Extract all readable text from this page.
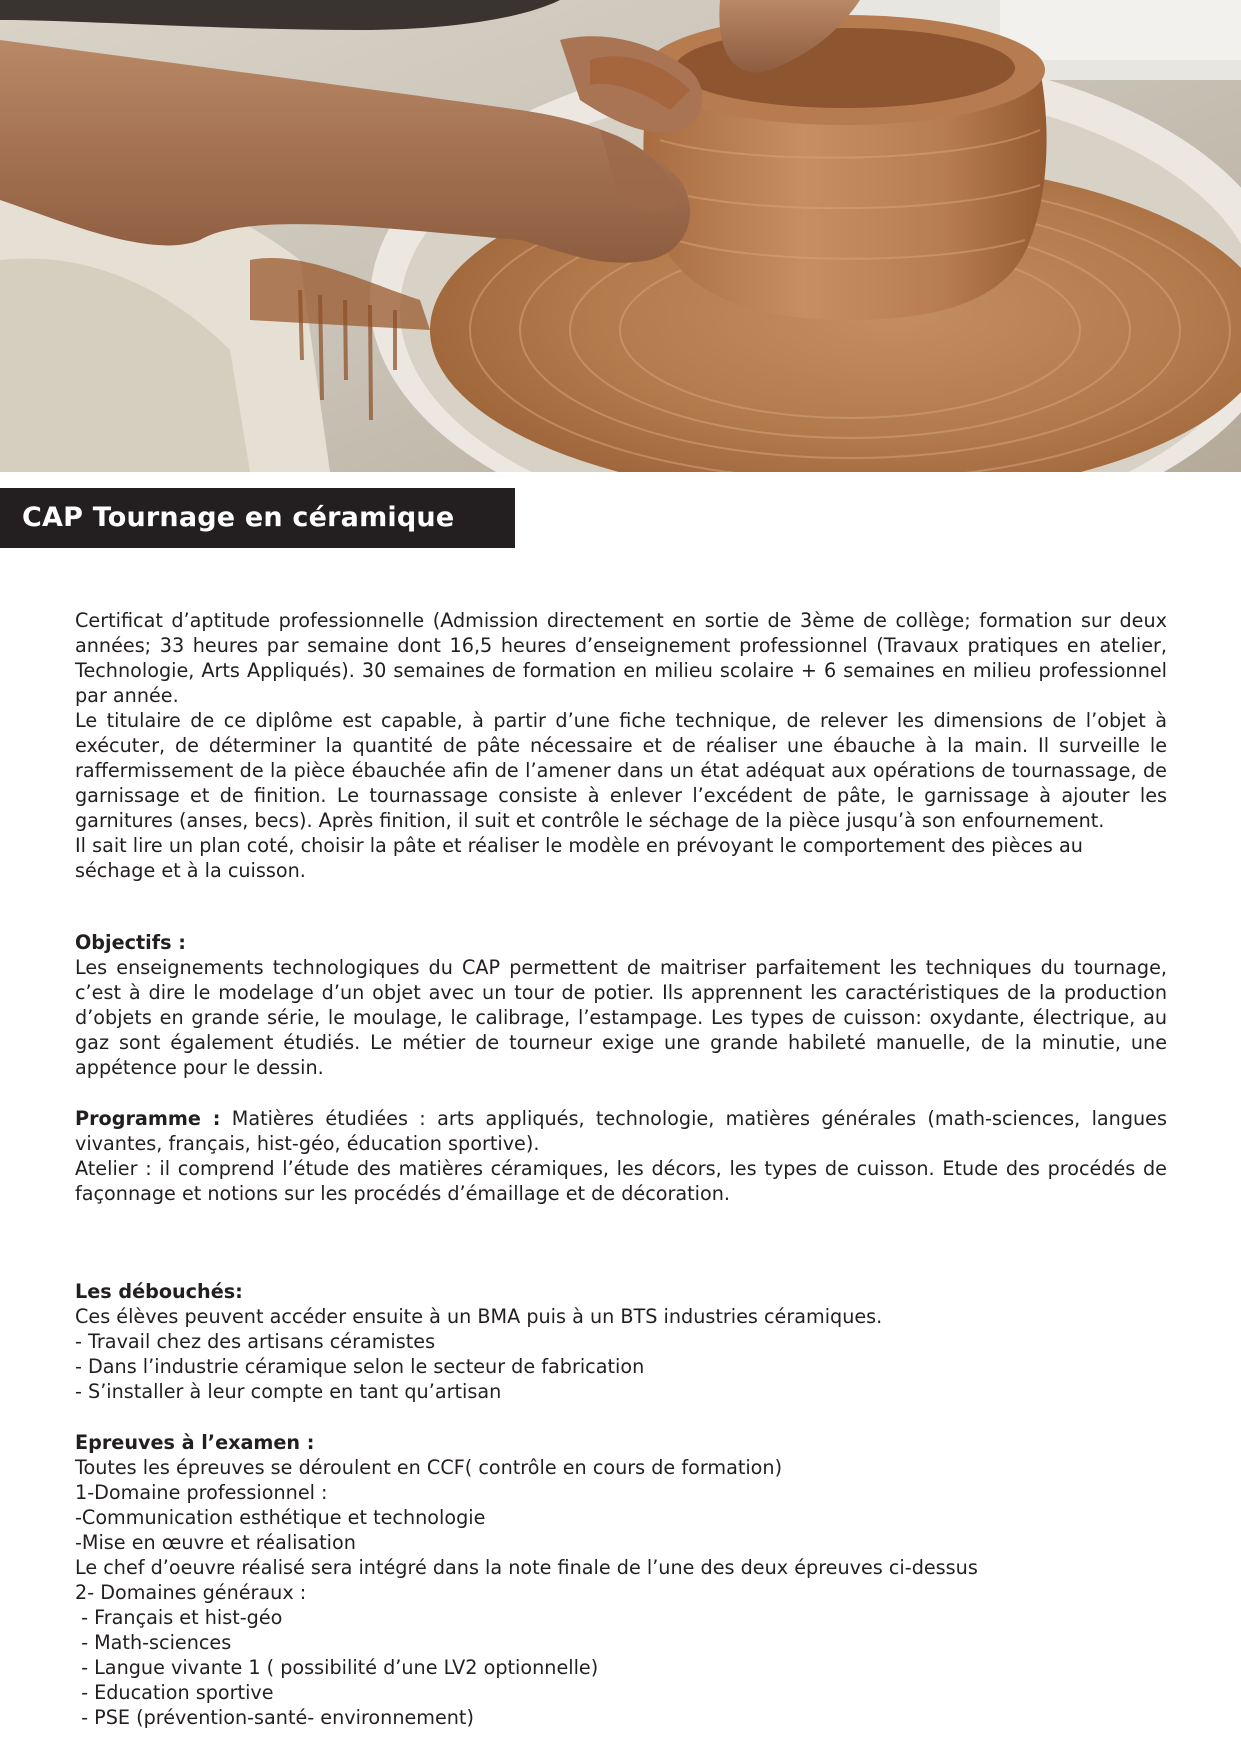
CAP Tournage en céramique

Certificat d’aptitude professionnelle (Admission directement en sortie de 3ème de collège; formation sur deux années; 33 heures par semaine dont 16,5 heures d’enseignement professionnel (Travaux pratiques en atelier, Technologie, Arts Appliqués). 30 semaines de formation en milieu scolaire + 6 semaines en milieu professionnel par année.

Le titulaire de ce diplôme est capable, à partir d’une fiche technique, de relever les dimensions de l’objet à exécuter, de déterminer la quantité de pâte nécessaire et de réaliser une ébauche à la main. Il surveille le raffermissement de la pièce ébauchée afin de l’amener dans un état adéquat aux opérations de tournassage, de garnissage et de finition. Le tournassage consiste à enlever l’excédent de pâte, le garnissage à ajouter les garnitures (anses, becs). Après finition, il suit et contrôle le séchage de la pièce jusqu’à son enfournement.

Il sait lire un plan coté, choisir la pâte et réaliser le modèle en prévoyant le comportement des pièces au

séchage et à la cuisson.

Objectifs :

Les enseignements technologiques du CAP permettent de maitriser parfaitement les techniques du tournage, c’est à dire le modelage d’un objet avec un tour de potier. Ils apprennent les caractéristiques de la production d’objets en grande série, le moulage, le calibrage, l’estampage. Les types de cuisson: oxydante, électrique, au gaz sont également étudiés. Le métier de tourneur exige une grande habileté manuelle, de la minutie, une appétence pour le dessin.

Programme : Matières étudiées : arts appliqués, technologie, matières générales (math-sciences, langues vivantes, français, hist-géo, éducation sportive).

Atelier : il comprend l’étude des matières céramiques, les décors, les types de cuisson. Etude des procédés de façonnage et notions sur les procédés d’émaillage et de décoration.

Les débouchés:
Ces élèves peuvent accéder ensuite à un BMA puis à un BTS industries céramiques.
- Travail chez des artisans céramistes
- Dans l’industrie céramique selon le secteur de fabrication
- S’installer à leur compte en tant qu’artisan
Epreuves à l’examen :
Toutes les épreuves se déroulent en CCF( contrôle en cours de formation)
1-Domaine professionnel :
-Communication esthétique et technologie
-Mise en œuvre et réalisation
Le chef d’oeuvre réalisé sera intégré dans la note finale de l’une des deux épreuves ci-dessus
2- Domaines généraux :
- Français et hist-géo
- Math-sciences
- Langue vivante 1 ( possibilité d’une LV2 optionnelle)
- Education sportive
- PSE (prévention-santé- environnement)
